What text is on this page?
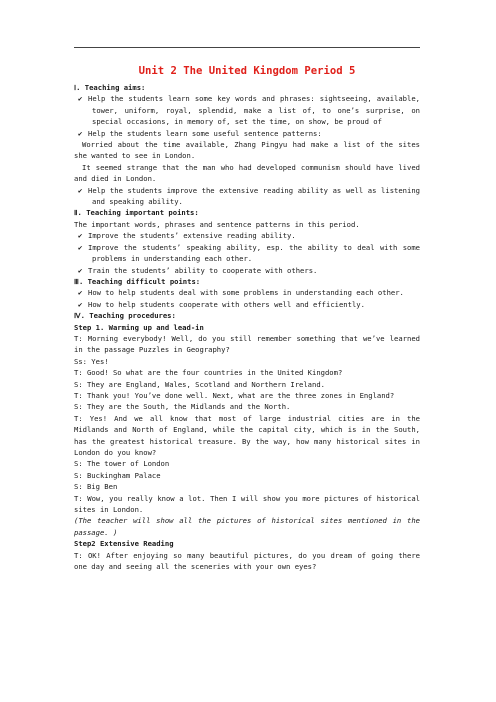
Unit 2 The United Kingdom Period 5
Ⅰ. Teaching aims:
✔ Help the students learn some key words and phrases: sightseeing, available, tower, uniform, royal, splendid, make a list of, to one’s surprise, on special occasions, in memory of, set the time, on show, be proud of
✔ Help the students learn some useful sentence patterns:
Worried about the time available, Zhang Pingyu had make a list of the sites she wanted to see in London.
It seemed strange that the man who had developed communism should have lived and died in London.
✔ Help the students improve the extensive reading ability as well as listening and speaking ability.
Ⅱ. Teaching important points:
The important words, phrases and sentence patterns in this period.
✔ Improve the students’ extensive reading ability.
✔ Improve the students’ speaking ability, esp. the ability to deal with some problems in understanding each other.
✔ Train the students’ ability to cooperate with others.
Ⅲ. Teaching difficult points:
✔ How to help students deal with some problems in understanding each other.
✔ How to help students cooperate with others well and efficiently.
Ⅳ. Teaching procedures:
Step 1. Warming up and lead-in
T: Morning everybody! Well, do you still remember something that we’ve learned in the passage Puzzles in Geography?
Ss: Yes!
T: Good! So what are the four countries in the United Kingdom?
S: They are England, Wales, Scotland and Northern Ireland.
T: Thank you! You’ve done well. Next, what are the three zones in England?
S: They are the South, the Midlands and the North.
T: Yes! And we all know that most of large industrial cities are in the Midlands and North of England, while the capital city, which is in the South, has the greatest historical treasure. By the way, how many historical sites in London do you know?
S: The tower of London
S: Buckingham Palace
S: Big Ben
T: Wow, you really know a lot. Then I will show you more pictures of historical sites in London.
(The teacher will show all the pictures of historical sites mentioned in the passage. )
Step2 Extensive Reading
T: OK! After enjoying so many beautiful pictures, do you dream of going there one day and seeing all the sceneries with your own eyes?
